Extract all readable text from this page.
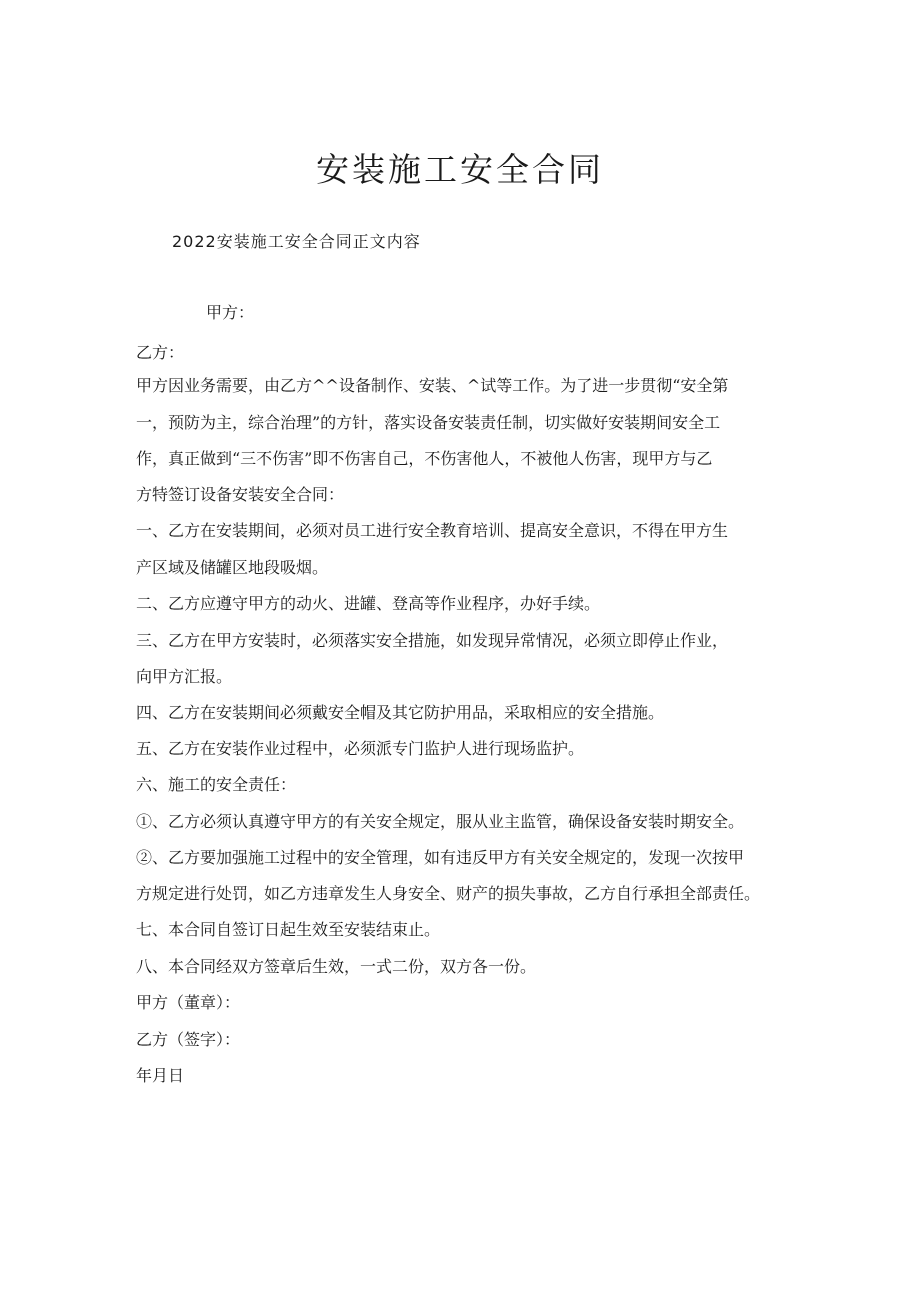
安装施工安全合同
2022安装施工安全合同正文内容
甲方：
乙方：
甲方因业务需要，由乙方^^设备制作、安装、^试等工作。为了进一步贯彻“安全第
一，预防为主，综合治理”的方针，落实设备安装责任制，切实做好安装期间安全工
作，真正做到“三不伤害”即不伤害自己，不伤害他人，不被他人伤害，现甲方与乙
方特签订设备安装安全合同：
一、乙方在安装期间，必须对员工进行安全教育培训、提高安全意识，不得在甲方生
产区域及储罐区地段吸烟。
二、乙方应遵守甲方的动火、进罐、登高等作业程序，办好手续。
三、乙方在甲方安装时，必须落实安全措施，如发现异常情况，必须立即停止作业，
向甲方汇报。
四、乙方在安装期间必须戴安全帽及其它防护用品，采取相应的安全措施。
五、乙方在安装作业过程中，必须派专门监护人进行现场监护。
六、施工的安全责任：
①、乙方必须认真遵守甲方的有关安全规定，服从业主监管，确保设备安装时期安全。
②、乙方要加强施工过程中的安全管理，如有违反甲方有关安全规定的，发现一次按甲
方规定进行处罚，如乙方违章发生人身安全、财产的损失事故，乙方自行承担全部责任。
七、本合同自签订日起生效至安装结束止。
八、本合同经双方签章后生效，一式二份，双方各一份。
甲方（董章）：
乙方（签字）：
年月日
